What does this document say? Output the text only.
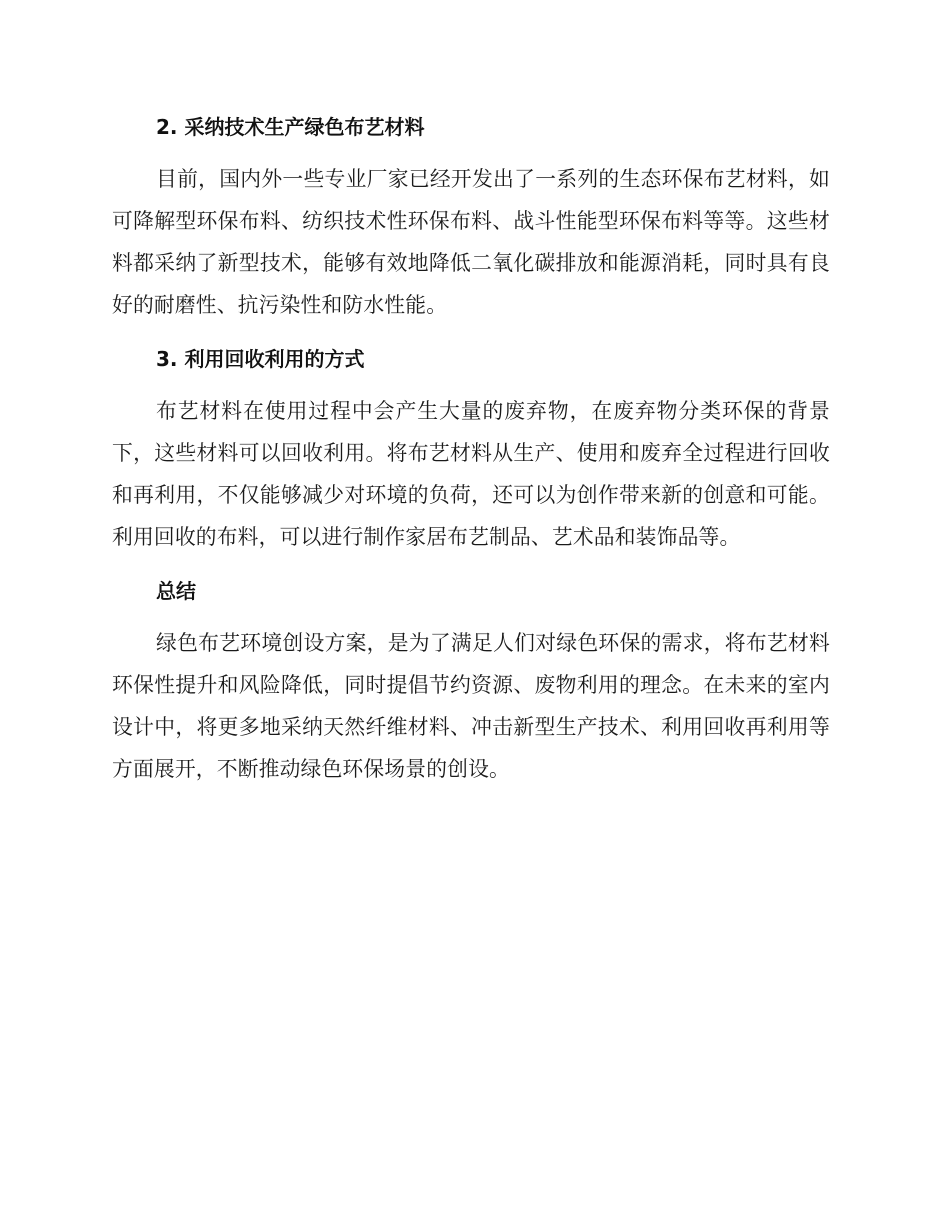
2. 采纳技术生产绿色布艺材料

目前，国内外一些专业厂家已经开发出了一系列的生态环保布艺材料，如可降解型环保布料、纺织技术性环保布料、战斗性能型环保布料等等。这些材料都采纳了新型技术，能够有效地降低二氧化碳排放和能源消耗，同时具有良好的耐磨性、抗污染性和防水性能。

3. 利用回收利用的方式

布艺材料在使用过程中会产生大量的废弃物，在废弃物分类环保的背景下，这些材料可以回收利用。将布艺材料从生产、使用和废弃全过程进行回收和再利用，不仅能够减少对环境的负荷，还可以为创作带来新的创意和可能。利用回收的布料，可以进行制作家居布艺制品、艺术品和装饰品等。

总结

绿色布艺环境创设方案，是为了满足人们对绿色环保的需求，将布艺材料环保性提升和风险降低，同时提倡节约资源、废物利用的理念。在未来的室内设计中，将更多地采纳天然纤维材料、冲击新型生产技术、利用回收再利用等方面展开，不断推动绿色环保场景的创设。
